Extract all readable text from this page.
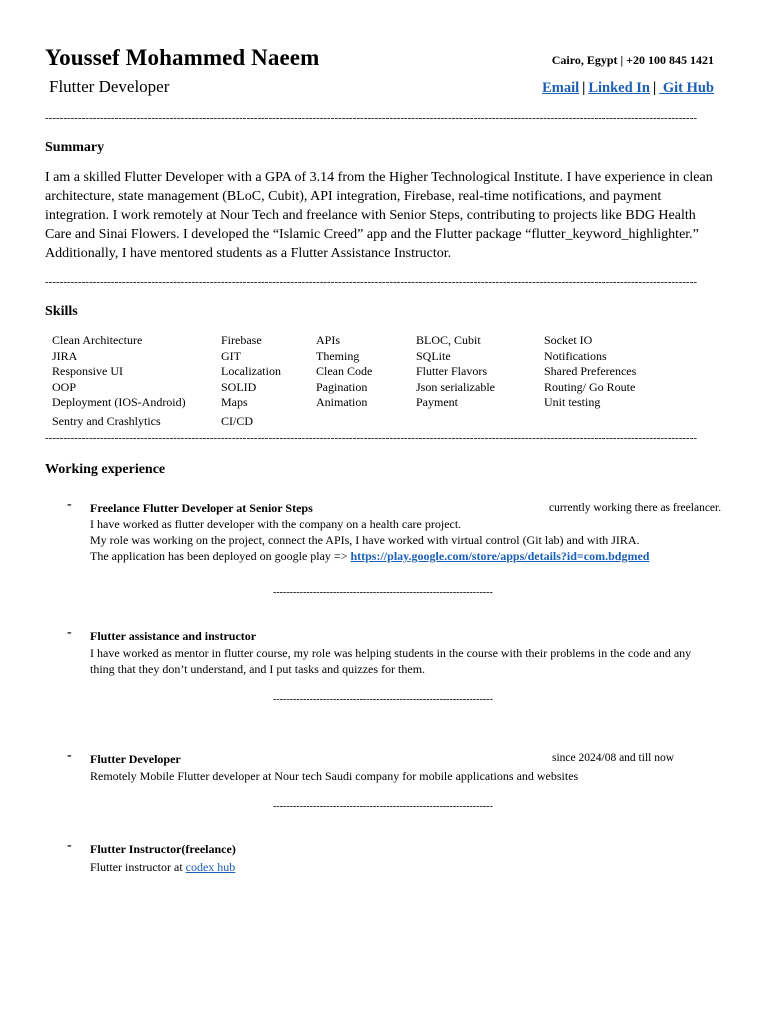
Youssef Mohammed Naeem
Flutter Developer
Cairo, Egypt | +20 100 845 1421
Email | Linked In | Git Hub
----------------------------------------------------------------------------------------------------------------------------------------------------------------------------------
Summary
I am a skilled Flutter Developer with a GPA of 3.14 from the Higher Technological Institute. I have experience in clean architecture, state management (BLoC, Cubit), API integration, Firebase, real-time notifications, and payment integration. I work remotely at Nour Tech and freelance with Senior Steps, contributing to projects like BDG Health Care and Sinai Flowers. I developed the “Islamic Creed” app and the Flutter package “flutter_keyword_highlighter.” Additionally, I have mentored students as a Flutter Assistance Instructor.
----------------------------------------------------------------------------------------------------------------------------------------------------------------------------------
Skills
Clean Architecture	Firebase	APIs	BLOC, Cubit	Socket IO
JIRA	GIT	Theming	SQLite	Notifications
Responsive UI	Localization	Clean Code	Flutter Flavors	Shared Preferences
OOP	SOLID	Pagination	Json serializable	Routing/ Go Route
Deployment (IOS-Android)	Maps	Animation	Payment	Unit testing
Sentry and Crashlytics	CI/CD			
----------------------------------------------------------------------------------------------------------------------------------------------------------------------------------
Working experience
- Freelance Flutter Developer at Senior Steps	currently working there as freelancer.
I have worked as flutter developer with the company on a health care project.
My role was working on the project, connect the APIs, I have worked with virtual control (Git lab) and with JIRA.
The application has been deployed on google play => https://play.google.com/store/apps/details?id=com.bdgmed
------------------------------------------------------------------
- Flutter assistance and instructor
I have worked as mentor in flutter course, my role was helping students in the course with their problems in the code and any
thing that they don’t understand, and I put tasks and quizzes for them.
------------------------------------------------------------------
- Flutter Developer	since 2024/08 and till now
Remotely Mobile Flutter developer at Nour tech Saudi company for mobile applications and websites
------------------------------------------------------------------
- Flutter Instructor(freelance)
Flutter instructor at codex hub
